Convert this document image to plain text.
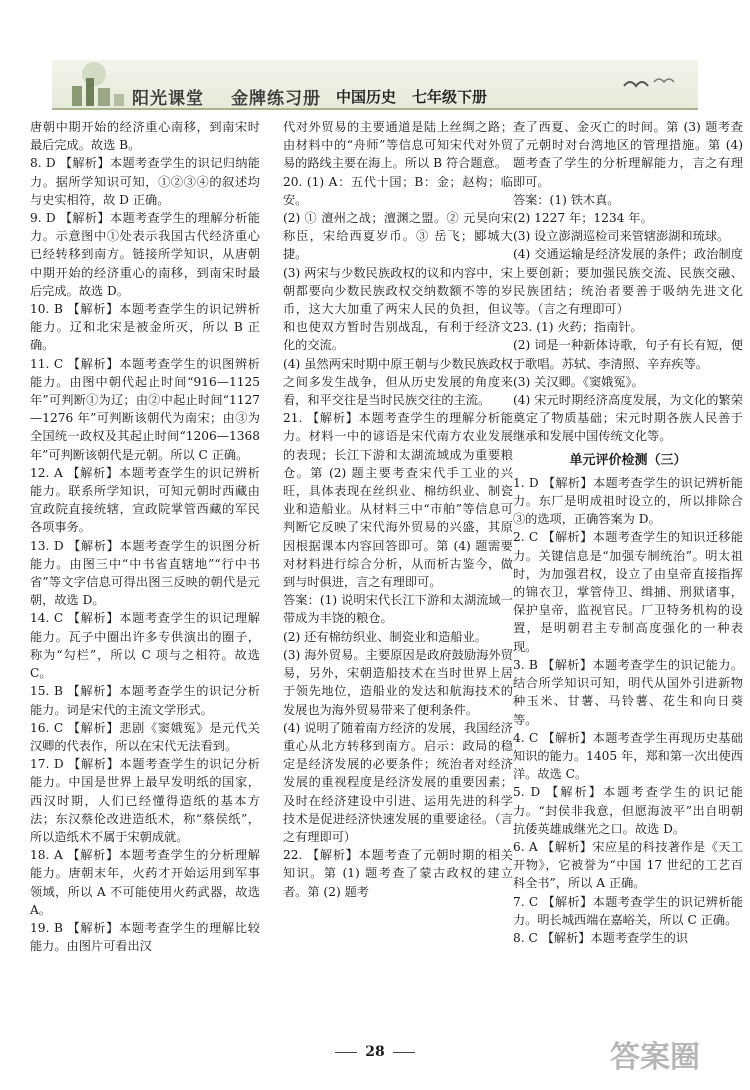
阳光课堂 金牌练习册 中国历史 七年级下册

唐朝中期开始的经济重心南移，到南宋时最后完成。故选 B。

8. D 【解析】本题考查学生的识记归纳能力。据所学知识可知，①②③④的叙述均与史实相符，故 D 正确。

9. D 【解析】本题考查学生的理解分析能力。示意图中①处表示我国古代经济重心已经转移到南方。链接所学知识，从唐朝中期开始的经济重心的南移，到南宋时最后完成。故选 D。

10. B 【解析】本题考查学生的识记辨析能力。辽和北宋是被金所灭，所以 B 正确。

11. C 【解析】本题考查学生的识图辨析能力。由图中朝代起止时间“916—1125 年”可判断①为辽；由②中起止时间“1127—1276 年”可判断该朝代为南宋；由③为全国统一政权及其起止时间“1206—1368 年”可判断该朝代是元朝。所以 C 正确。

12. A 【解析】本题考查学生的识记辨析能力。联系所学知识，可知元朝时西藏由宣政院直接统辖，宣政院掌管西藏的军民各项事务。

13. D 【解析】本题考查学生的识图分析能力。由图三中“中书省直辖地”“行中书省”等文字信息可得出图三反映的朝代是元朝，故选 D。

14. C 【解析】本题考查学生的识记理解能力。瓦子中圈出许多专供演出的圈子，称为“勾栏”，所以 C 项与之相符。故选 C。

15. B 【解析】本题考查学生的识记分析能力。词是宋代的主流文学形式。

16. C 【解析】悲剧《窦娥冤》是元代关汉卿的代表作，所以在宋代无法看到。

17. D 【解析】本题考查学生的识记分析能力。中国是世界上最早发明纸的国家，西汉时期，人们已经懂得造纸的基本方法；东汉蔡伦改进造纸术，称“蔡侯纸”，所以造纸术不属于宋朝成就。

18. A 【解析】本题考查学生的分析理解能力。唐朝末年，火药才开始运用到军事领域，所以 A 不可能使用火药武器，故选 A。

19. B 【解析】本题考查学生的理解比较能力。由图片可看出汉

代对外贸易的主要通道是陆上丝绸之路；由材料中的“舟师”等信息可知宋代对外贸易的路线主要在海上。所以 B 符合题意。

20. (1) A：五代十国；B：金；赵构；临安。

(2) ① 澶州之战；澶渊之盟。② 元昊向宋称臣，宋给西夏岁币。③ 岳飞；郾城大捷。

(3) 两宋与少数民族政权的议和内容中，宋朝都要向少数民族政权交纳数额不等的岁币，这大大加重了两宋人民的负担，但议和也使双方暂时告别战乱，有利于经济文化的交流。

(4) 虽然两宋时期中原王朝与少数民族政权之间多发生战争，但从历史发展的角度来看，和平交往是当时民族交往的主流。

21. 【解析】本题考查学生的理解分析能力。材料一中的谚语是宋代南方农业发展的表现；长江下游和太湖流域成为重要粮仓。第 (2) 题主要考查宋代手工业的兴旺，具体表现在丝织业、棉纺织业、制瓷业和造船业。从材料三中“市舶”等信息可判断它反映了宋代海外贸易的兴盛，其原因根据课本内容回答即可。第 (4) 题需要对材料进行综合分析，从而析古鉴今，做到与时俱进，言之有理即可。

答案：(1) 说明宋代长江下游和太湖流域一带成为丰饶的粮仓。

(2) 还有棉纺织业、制瓷业和造船业。

(3) 海外贸易。主要原因是政府鼓励海外贸易，另外，宋朝造船技术在当时世界上居于领先地位，造船业的发达和航海技术的发展也为海外贸易带来了便利条件。

(4) 说明了随着南方经济的发展，我国经济重心从北方转移到南方。启示：政局的稳定是经济发展的必要条件；统治者对经济发展的重视程度是经济发展的重要因素；及时在经济建设中引进、运用先进的科学技术是促进经济快速发展的重要途径。（言之有理即可）

22. 【解析】本题考查了元朝时期的相关知识。第 (1) 题考查了蒙古政权的建立者。第 (2) 题考

查了西夏、金灭亡的时间。第 (3) 题考查了元朝时对台湾地区的管理措施。第 (4) 题考查了学生的分析理解能力，言之有理即可。

答案：(1) 铁木真。

(2) 1227 年；1234 年。

(3) 设立澎湖巡检司来管辖澎湖和琉球。

(4) 交通运输是经济发展的条件；政治制度上要创新；要加强民族交流、民族交融、民族团结；统治者要善于吸纳先进文化等。（言之有理即可）

23. (1) 火药；指南针。

(2) 词是一种新体诗歌，句子有长有短，便于歌唱。苏轼、李清照、辛弃疾等。

(3) 关汉卿。《窦娥冤》。

(4) 宋元时期经济高度发展，为文化的繁荣奠定了物质基础；宋元时期各族人民善于继承和发展中国传统文化等。

单元评价检测（三）

1. D 【解析】本题考查学生的识记辨析能力。东厂是明成祖时设立的，所以排除合③的选项，正确答案为 D。

2. C 【解析】本题考查学生的知识迁移能力。关键信息是“加强专制统治”。明太祖时，为加强君权，设立了由皇帝直接指挥的锦衣卫，掌管侍卫、缉捕、刑狱诸事，保护皇帝，监视官民。厂卫特务机构的设置，是明朝君主专制高度强化的一种表现。

3. B 【解析】本题考查学生的识记能力。结合所学知识可知，明代从国外引进新物种玉米、甘薯、马铃薯、花生和向日葵等。

4. C 【解析】本题考查学生再现历史基础知识的能力。1405 年，郑和第一次出使西洋。故选 C。

5. D 【解析】本题考查学生的识记能力。“封侯非我意，但愿海波平”出自明朝抗倭英雄戚继光之口。故选 D。

6. A 【解析】宋应星的科技著作是《天工开物》，它被誉为“中国 17 世纪的工艺百科全书”，所以 A 正确。

7. C 【解析】本题考查学生的识记辨析能力。明长城西端在嘉峪关，所以 C 正确。

8. C 【解析】本题考查学生的识

28	答案圈
